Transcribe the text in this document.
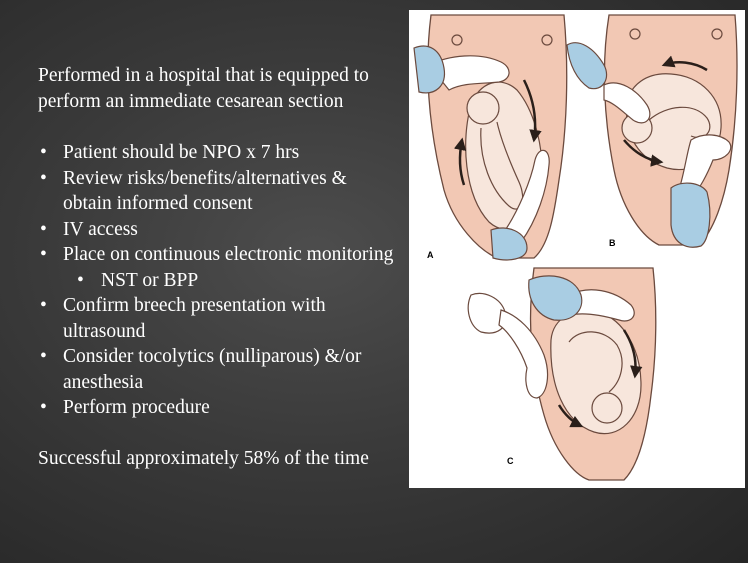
Performed in a hospital that is equipped to perform an immediate cesarean section

• Patient should be NPO x 7 hrs
• Review risks/benefits/alternatives & obtain informed consent
• IV access
• Place on continuous electronic monitoring
• NST or BPP
• Confirm breech presentation with ultrasound
• Consider tocolytics (nulliparous) &/or anesthesia
• Perform procedure

Successful approximately 58% of the time

A
B
C
